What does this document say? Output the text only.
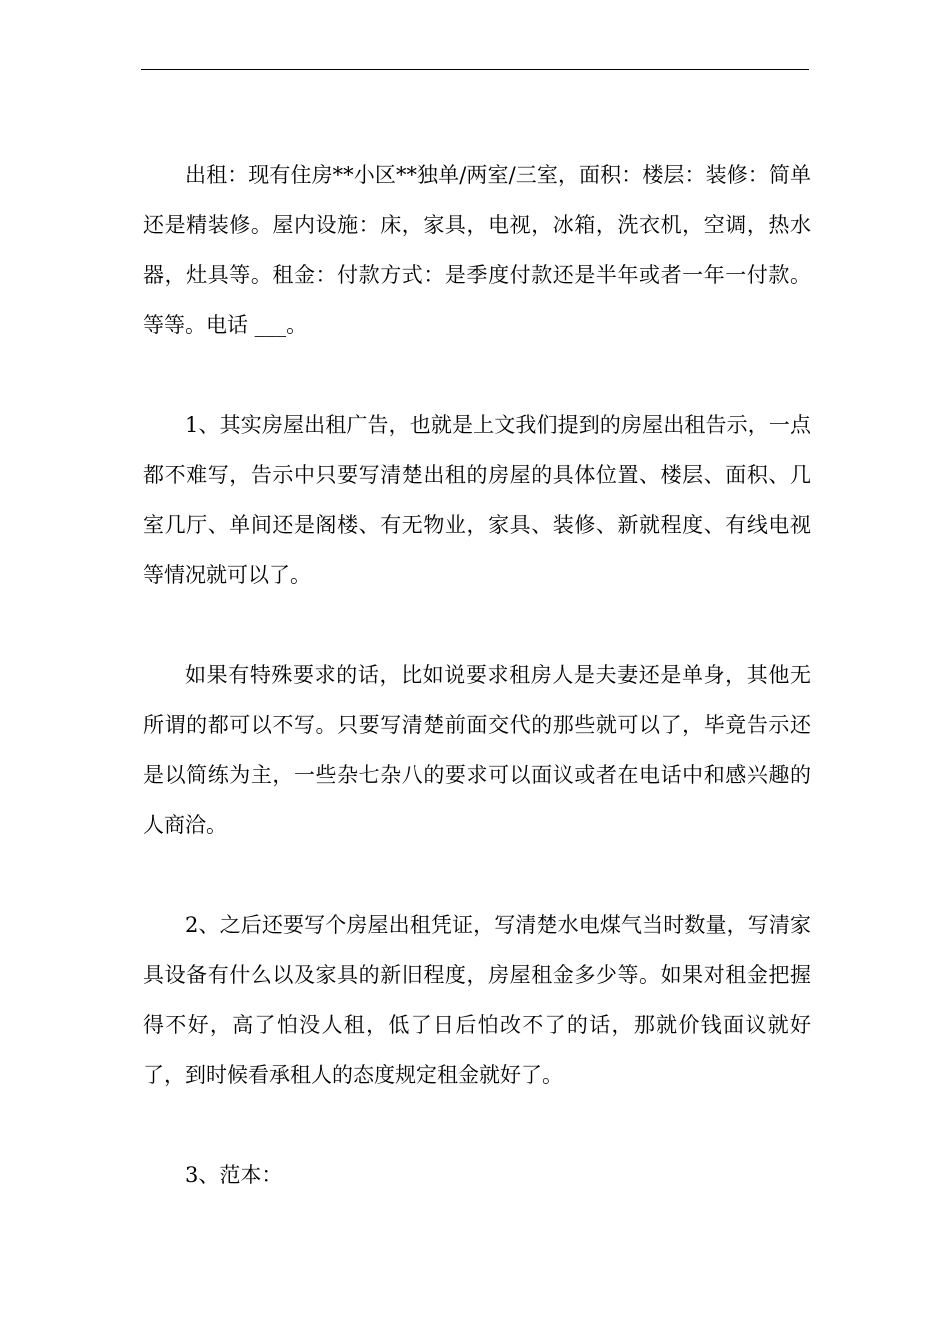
出租：现有住房**小区**独单/两室/三室，面积：楼层：装修：简单还是精装修。屋内设施：床，家具，电视，冰箱，洗衣机，空调，热水器，灶具等。租金：付款方式：是季度付款还是半年或者一年一付款。等等。电话 ___。

1、其实房屋出租广告，也就是上文我们提到的房屋出租告示，一点都不难写，告示中只要写清楚出租的房屋的具体位置、楼层、面积、几室几厅、单间还是阁楼、有无物业，家具、装修、新就程度、有线电视等情况就可以了。

如果有特殊要求的话，比如说要求租房人是夫妻还是单身，其他无所谓的都可以不写。只要写清楚前面交代的那些就可以了，毕竟告示还是以简练为主，一些杂七杂八的要求可以面议或者在电话中和感兴趣的人商洽。

2、之后还要写个房屋出租凭证，写清楚水电煤气当时数量，写清家具设备有什么以及家具的新旧程度，房屋租金多少等。如果对租金把握得不好，高了怕没人租，低了日后怕改不了的话，那就价钱面议就好了，到时候看承租人的态度规定租金就好了。

3、范本：
